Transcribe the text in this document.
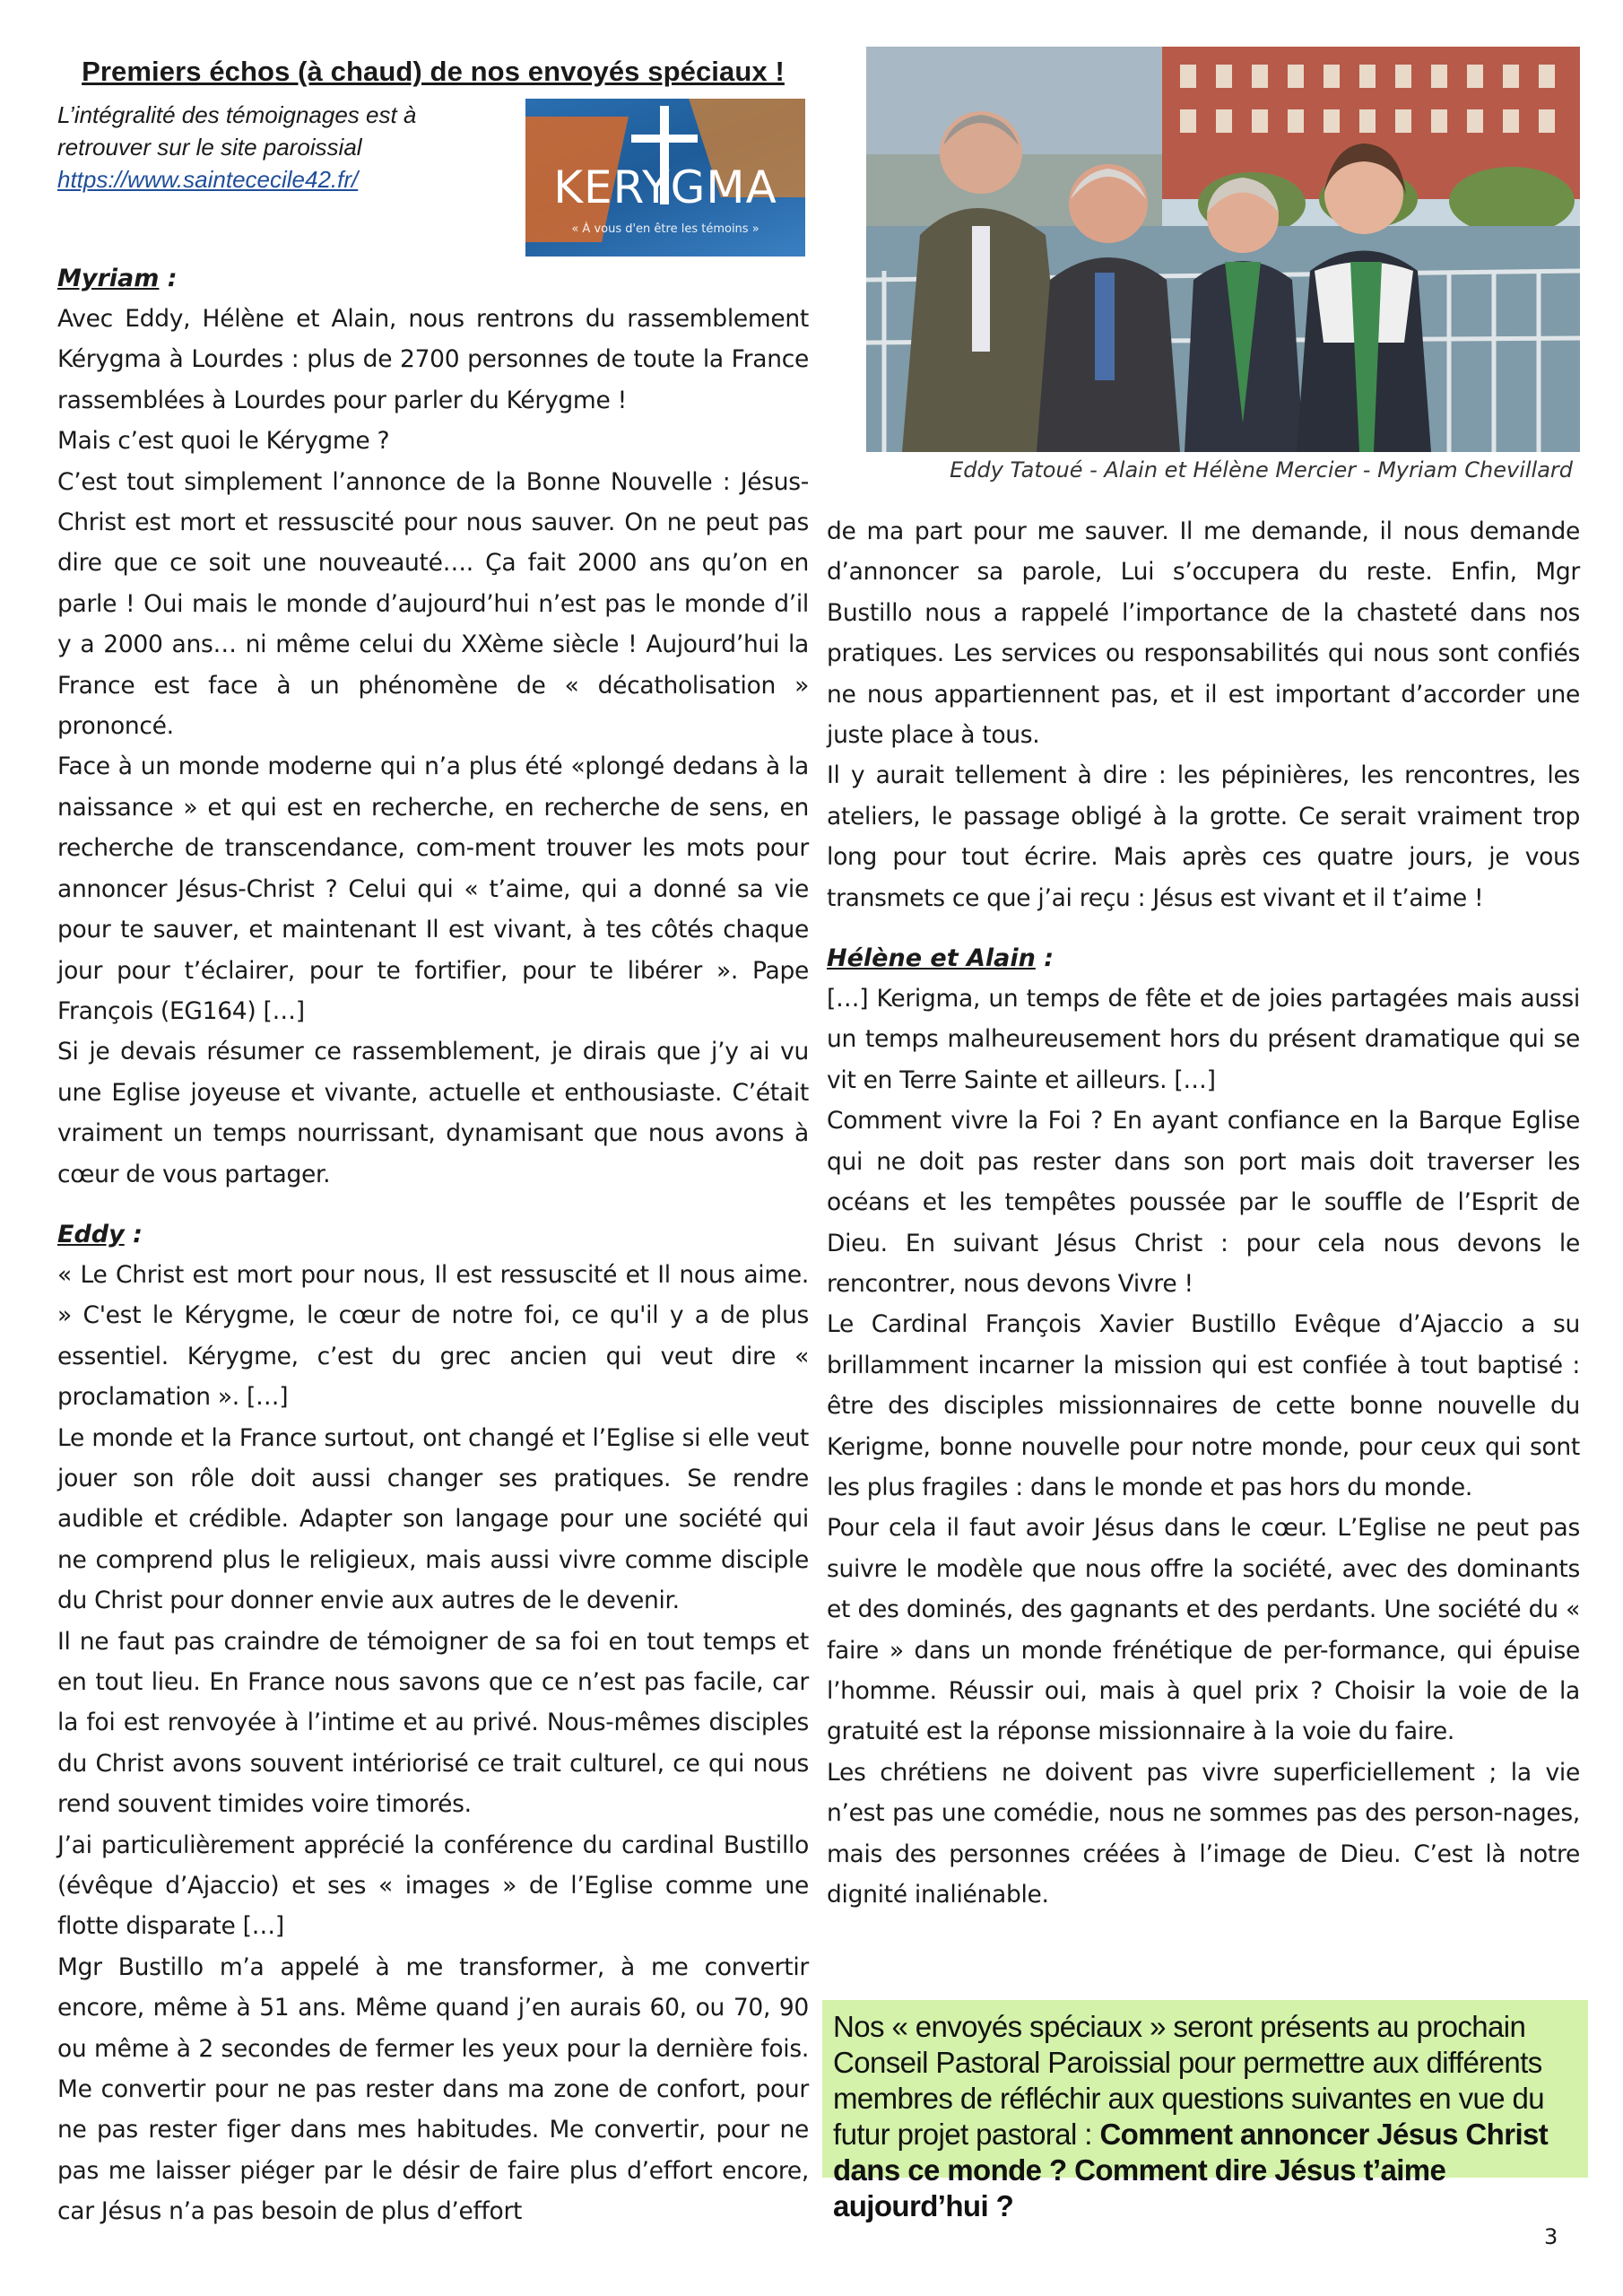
Premiers échos (à chaud) de nos envoyés spéciaux !
L’intégralité des témoignages est à
retrouver sur le site paroissial
https://www.saintececile42.fr/	KERYGMA
« À vous d'en être les témoins »
Myriam :
Avec Eddy, Hélène et Alain, nous rentrons du rassemblement Kérygma à Lourdes : plus de 2700 personnes de toute la France rassemblées à Lourdes pour parler du Kérygme !
Mais c’est quoi le Kérygme ?
C’est tout simplement l’annonce de la Bonne Nouvelle : Jésus-Christ est mort et ressuscité pour nous sauver. On ne peut pas dire que ce soit une nouveauté…. Ça fait 2000 ans qu’on en parle ! Oui mais le monde d’aujourd’hui n’est pas le monde d’il y a 2000 ans… ni même celui du XXème siècle ! Aujourd’hui la France est face à un phénomène de « décatholisation » prononcé.
Face à un monde moderne qui n’a plus été «plongé dedans à la naissance » et qui est en recherche, en recherche de sens, en recherche de transcendance, com-ment trouver les mots pour annoncer Jésus-Christ ? Celui qui « t’aime, qui a donné sa vie pour te sauver, et maintenant Il est vivant, à tes côtés chaque jour pour t’éclairer, pour te fortifier, pour te libérer ». Pape François (EG164) […]
Si je devais résumer ce rassemblement, je dirais que j’y ai vu une Eglise joyeuse et vivante, actuelle et enthousiaste. C’était vraiment un temps nourrissant, dynamisant que nous avons à cœur de vous partager.
Eddy :
« Le Christ est mort pour nous, Il est ressuscité et Il nous aime. » C'est le Kérygme, le cœur de notre foi, ce qu'il y a de plus essentiel. Kérygme, c’est du grec ancien qui veut dire « proclamation ». […]
Le monde et la France surtout, ont changé et l’Eglise si elle veut jouer son rôle doit aussi changer ses pratiques. Se rendre audible et crédible. Adapter son langage pour une société qui ne comprend plus le religieux, mais aussi vivre comme disciple du Christ pour donner envie aux autres de le devenir.
Il ne faut pas craindre de témoigner de sa foi en tout temps et en tout lieu. En France nous savons que ce n’est pas facile, car la foi est renvoyée à l’intime et au privé. Nous-mêmes disciples du Christ avons souvent intériorisé ce trait culturel, ce qui nous rend souvent timides voire timorés.
J’ai particulièrement apprécié la conférence du cardinal Bustillo (évêque d’Ajaccio) et ses « images » de l’Eglise comme une flotte disparate […]
Mgr Bustillo m’a appelé à me transformer, à me convertir encore, même à 51 ans. Même quand j’en aurais 60, ou 70, 90 ou même à 2 secondes de fermer les yeux pour la dernière fois. Me convertir pour ne pas rester dans ma zone de confort, pour ne pas rester figer dans mes habitudes. Me convertir, pour ne pas me laisser piéger par le désir de faire plus d’effort encore, car Jésus n’a pas besoin de plus d’effort
Eddy Tatoué - Alain et Hélène Mercier - Myriam Chevillard
de ma part pour me sauver. Il me demande, il nous demande d’annoncer sa parole, Lui s’occupera du reste. Enfin, Mgr Bustillo nous a rappelé l’importance de la chasteté dans nos pratiques. Les services ou responsabilités qui nous sont confiés ne nous appartiennent pas, et il est important d’accorder une juste place à tous.
Il y aurait tellement à dire : les pépinières, les rencontres, les ateliers, le passage obligé à la grotte. Ce serait vraiment trop long pour tout écrire. Mais après ces quatre jours, je vous transmets ce que j’ai reçu : Jésus est vivant et il t’aime !
Hélène et Alain :
[…] Kerigma, un temps de fête et de joies partagées mais aussi un temps malheureusement hors du présent dramatique qui se vit en Terre Sainte et ailleurs. […]
Comment vivre la Foi ? En ayant confiance en la Barque Eglise qui ne doit pas rester dans son port mais doit traverser les océans et les tempêtes poussée par le souffle de l’Esprit de Dieu. En suivant Jésus Christ : pour cela nous devons le rencontrer, nous devons Vivre !
Le Cardinal François Xavier Bustillo Evêque d’Ajaccio a su brillamment incarner la mission qui est confiée à tout baptisé : être des disciples missionnaires de cette bonne nouvelle du Kerigme, bonne nouvelle pour notre monde, pour ceux qui sont les plus fragiles : dans le monde et pas hors du monde.
Pour cela il faut avoir Jésus dans le cœur. L’Eglise ne peut pas suivre le modèle que nous offre la société, avec des dominants et des dominés, des gagnants et des perdants. Une société du « faire » dans un monde frénétique de per-formance, qui épuise l’homme. Réussir oui, mais à quel prix ? Choisir la voie de la gratuité est la réponse missionnaire à la voie du faire.
Les chrétiens ne doivent pas vivre superficiellement ; la vie n’est pas une comédie, nous ne sommes pas des person-nages, mais des personnes créées à l’image de Dieu. C’est là notre dignité inaliénable.
Nos « envoyés spéciaux » seront présents au prochain Conseil Pastoral Paroissial pour permettre aux différents membres de réfléchir aux questions suivantes en vue du futur projet pastoral : Comment annoncer Jésus Christ dans ce monde ? Comment dire Jésus t’aime aujourd’hui ?
3
